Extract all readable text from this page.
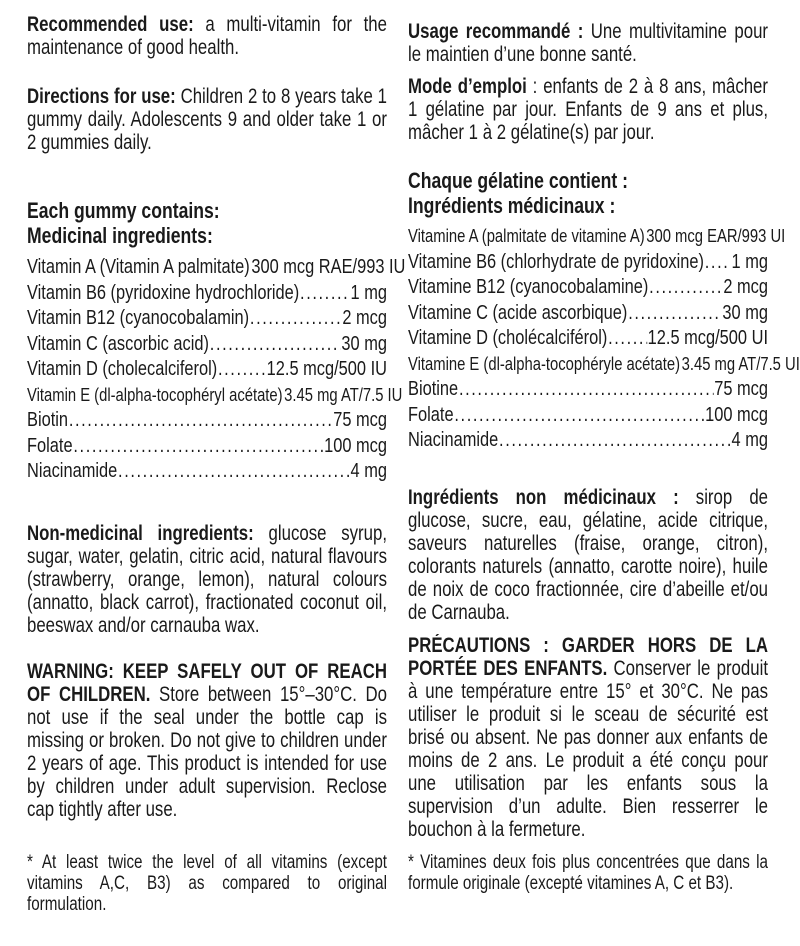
Recommended use: a multi-vitamin for the maintenance of good health.
Directions for use: Children 2 to 8 years take 1 gummy daily. Adolescents 9 and older take 1 or 2 gummies daily.
Each gummy contains:
Medicinal ingredients:
Vitamin A (Vitamin A palmitate) 300 mcg RAE/993 IU
Vitamin B6 (pyridoxine hydrochloride) .....	1 mg
Vitamin B12 (cyanocobalamin) .....	2 mcg
Vitamin C (ascorbic acid) .....	30 mg
Vitamin D (cholecalciferol) ..... 12.5 mcg/500 IU
Vitamin E (dl-alpha-tocophéryl acétate) 3.45 mg AT/7.5 IU
Biotin .....	75 mcg
Folate .....	100 mcg
Niacinamide .....	4 mg
Non-medicinal ingredients: glucose syrup, sugar, water, gelatin, citric acid, natural flavours (strawberry, orange, lemon), natural colours (annatto, black carrot), fractionated coconut oil, beeswax and/or carnauba wax.
WARNING: KEEP SAFELY OUT OF REACH OF CHILDREN. Store between 15°–30°C. Do not use if the seal under the bottle cap is missing or broken. Do not give to children under 2 years of age. This product is intended for use by children under adult supervision. Reclose cap tightly after use.
* At least twice the level of all vitamins (except vitamins A,C, B3) as compared to original formulation.
Usage recommandé : Une multivitamine pour le maintien d’une bonne santé.
Mode d’emploi : enfants de 2 à 8 ans, mâcher 1 gélatine par jour. Enfants de 9 ans et plus, mâcher 1 à 2 gélatine(s) par jour.
Chaque gélatine contient :
Ingrédients médicinaux :
Vitamine A (palmitate de vitamine A) 300 mcg EAR/993 UI
Vitamine B6 (chlorhydrate de pyridoxine) ..... 1 mg
Vitamine B12 (cyanocobalamine) .....	2 mcg
Vitamine C (acide ascorbique) .....	30 mg
Vitamine D (cholécalciférol) ..... 12.5 mcg/500 UI
Vitamine E (dl-alpha-tocophéryle acétate) 3.45 mg AT/7.5 UI
Biotine .....	75 mcg
Folate .....	100 mcg
Niacinamide .....	4 mg
Ingrédients non médicinaux : sirop de glucose, sucre, eau, gélatine, acide citrique, saveurs naturelles (fraise, orange, citron), colorants naturels (annatto, carotte noire), huile de noix de coco fractionnée, cire d’abeille et/ou de Carnauba.
PRÉCAUTIONS : GARDER HORS DE LA PORTÉE DES ENFANTS. Conserver le produit à une température entre 15° et 30°C. Ne pas utiliser le produit si le sceau de sécurité est brisé ou absent. Ne pas donner aux enfants de moins de 2 ans. Le produit a été conçu pour une utilisation par les enfants sous la supervision d’un adulte. Bien resserrer le bouchon à la fermeture.
* Vitamines deux fois plus concentrées que dans la formule originale (excepté vitamines A, C et B3).
